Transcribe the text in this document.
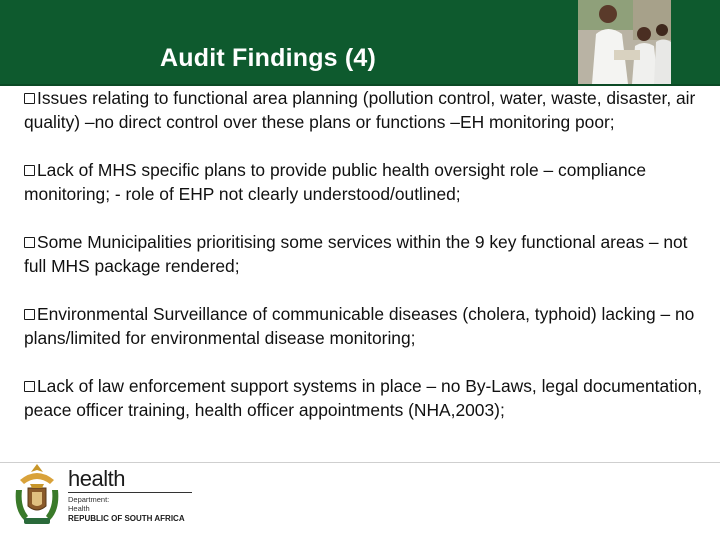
Audit Findings (4)
Issues relating to functional area planning (pollution control, water, waste, disaster, air quality) –no direct control over these plans or functions –EH monitoring poor;
Lack of MHS specific plans to provide public health oversight role – compliance monitoring; - role of EHP not clearly understood/outlined;
Some Municipalities prioritising some services within the 9 key functional areas – not full MHS package rendered;
Environmental Surveillance of communicable diseases (cholera, typhoid) lacking – no plans/limited for environmental disease monitoring;
Lack of law enforcement support systems in place – no By-Laws, legal documentation, peace officer training, health officer appointments (NHA,2003);
health
Department:
Health
REPUBLIC OF SOUTH AFRICA
